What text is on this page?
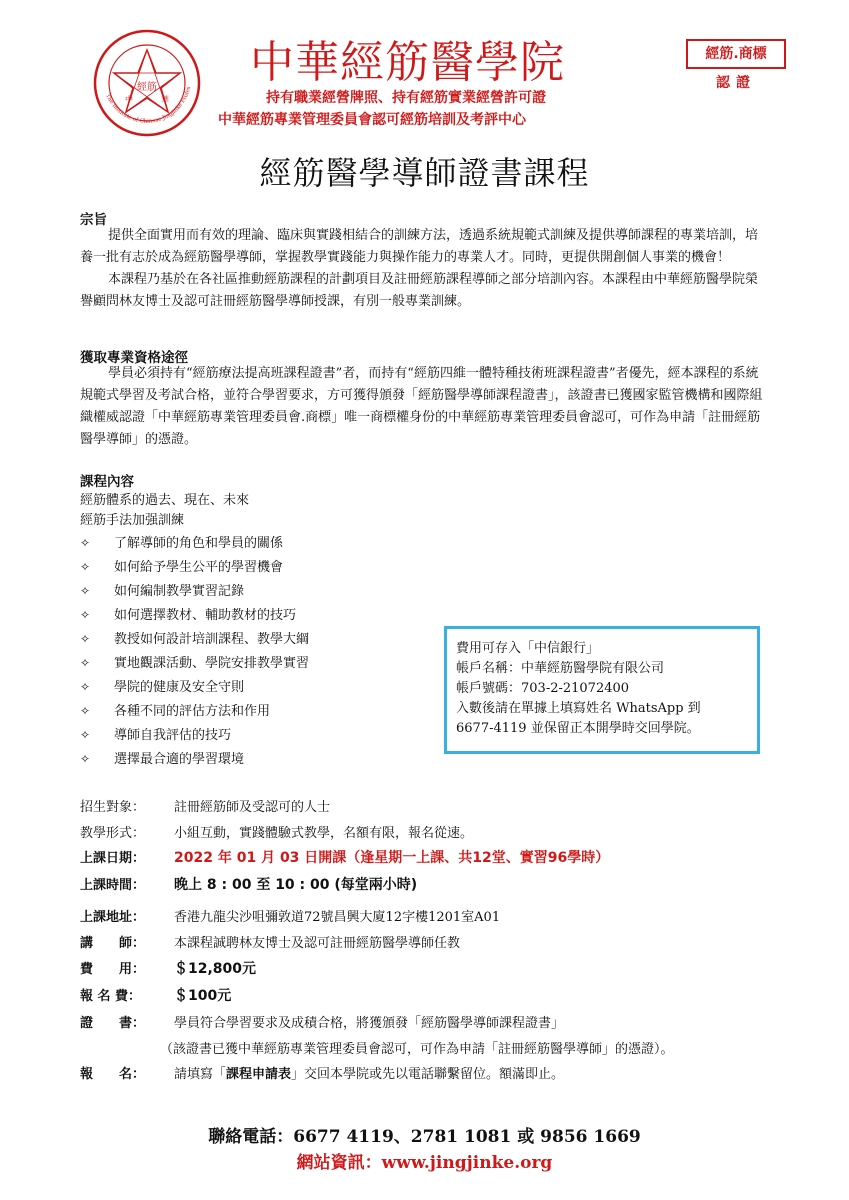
經筋
中	華
The Institute of Chinese Jingjinke Profes 中華經筋醫學院
持有職業經營牌照、持有經筋實業經營許可證
中華經筋專業管理委員會認可經筋培訓及考評中心
經筋.商標
認證
經筋醫學導師證書課程
宗旨

提供全面實用而有效的理論、臨床與實踐相結合的訓練方法，透過系統規範式訓練及提供導師課程的專業培訓，培養一批有志於成為經筋醫學導師，掌握教學實踐能力與操作能力的專業人才。同時，更提供開創個人事業的機會！

本課程乃基於在各社區推動經筋課程的計劃項目及註冊經筋課程導師之部分培訓內容。本課程由中華經筋醫學院榮譽顧問林友博士及認可註冊經筋醫學導師授課，有別一般專業訓練。

獲取專業資格途徑

學員必須持有“經筋療法提高班課程證書”者，而持有“經筋四維一體特種技術班課程證書”者優先，經本課程的系統規範式學習及考試合格，並符合學習要求，方可獲得頒發「經筋醫學導師課程證書」，該證書已獲國家監管機構和國際組織權威認證「中華經筋專業管理委員會.商標」唯一商標權身份的中華經筋專業管理委員會認可，可作為申請「註冊經筋醫學導師」的憑證。

課程內容
經筋體系的過去、現在、未來
經筋手法加强訓練
✧ 了解導師的角色和學員的關係
✧ 如何給予學生公平的學習機會
✧ 如何編制教學實習記錄
✧ 如何選擇教材、輔助教材的技巧
✧ 教授如何設計培訓課程、教學大綱
✧ 實地觀課活動、學院安排教學實習
✧ 學院的健康及安全守則
✧ 各種不同的評估方法和作用
✧ 導師自我評估的技巧
✧ 選擇最合適的學習環境
費用可存入「中信銀行」
帳戶名稱：中華經筋醫學院有限公司
帳戶號碼：703-2-21072400
入數後請在單據上填寫姓名 WhatsApp 到
6677-4119 並保留正本開學時交回學院。
招生對象： 註冊經筋師及受認可的人士
教學形式： 小組互動，實踐體驗式教學，名額有限，報名從速。
上課日期： 2022 年 01 月 03 日開課（逢星期一上課、共12堂、實習96學時）
上課時間： 晚上 8 : 00 至 10 : 00 (每堂兩小時)
上課地址： 香港九龍尖沙咀彌敦道72號昌興大廈12字樓1201室A01
講　　師： 本課程誠聘林友博士及認可註冊經筋醫學導師任教
費　　用： ＄12,800元
報 名 費： ＄100元
證　　書： 學員符合學習要求及成積合格，將獲頒發「經筋醫學導師課程證書」
（該證書已獲中華經筋專業管理委員會認可，可作為申請「註冊經筋醫學導師」的憑證）。
報　　名： 請填寫「課程申請表」交回本學院或先以電話聯繫留位。額滿即止。
聯絡電話：6677 4119、2781 1081 或 9856 1669
網站資訊：www.jingjinke.org
